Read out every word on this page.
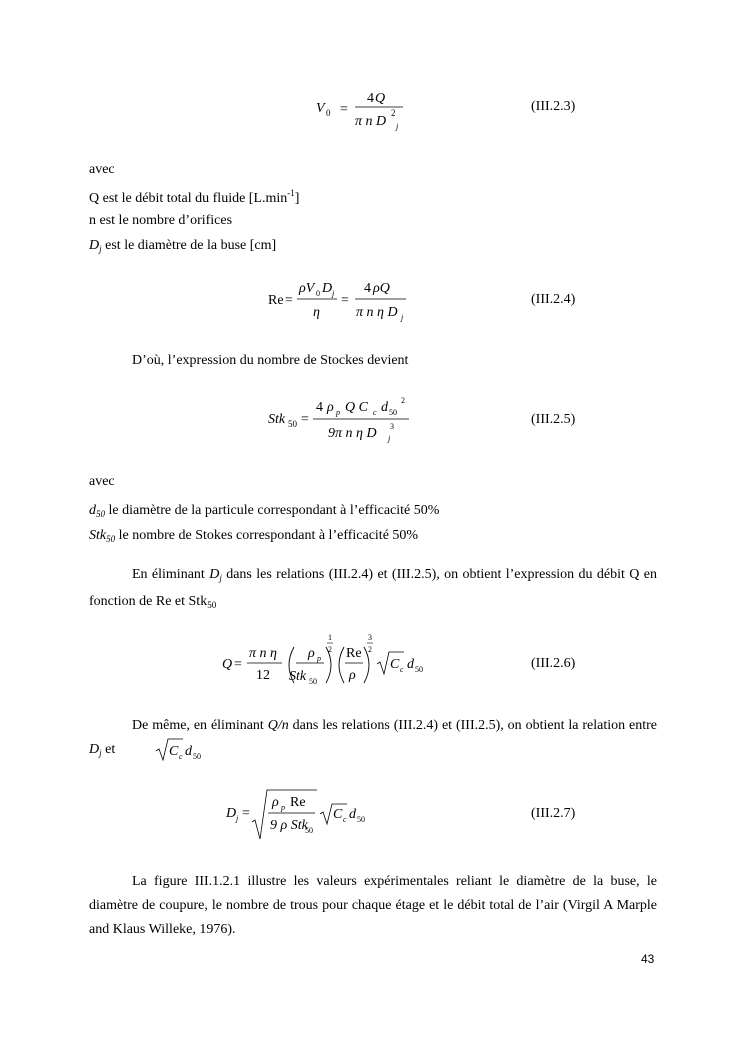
V 0 =
4 Q
2
π n D j
(III.2.3)
avec
Q est le débit total du fluide $[L.\min^{-1}]$
n est le nombre d’orifices
$D_j$ est le diamètre de la buse [cm]
Re =
ρV 0 D j
η
=
4 ρQ
π n η D j
(III.2.4)
D’où, l’expression du nombre de Stockes devient
Stk 50 =
4 ρ p Q C c d 50
2
9π n η D j
3	(III.2.5)
avec
$d_{50}$ le diamètre de la particule correspondant à l’efficacité 50%
Stk$_{50}$ le nombre de Stokes correspondant à l’efficacité 50%
En éliminant $D_j$ dans les relations (III.2.4) et (III.2.5), on obtient l’expression du débit Q en fonction de Re et Stk$_{50}$
Q =
π n η
12
ρ p
Stk 50
1
2 Re
ρ
3
2
C c d 50	(III.2.6)
De même, en éliminant Q/n dans les relations (III.2.4) et (III.2.5), on obtient la relation entre $D_j$ et	C c d 50
D j =
ρ p Re
9 ρ Stk
50
C c d 50	(III.2.7)
La figure III.1.2.1 illustre les valeurs expérimentales reliant le diamètre de la buse, le diamètre de coupure, le nombre de trous pour chaque étage et le débit total de l’air (Virgil A Marple and Klaus Willeke, 1976).
43
